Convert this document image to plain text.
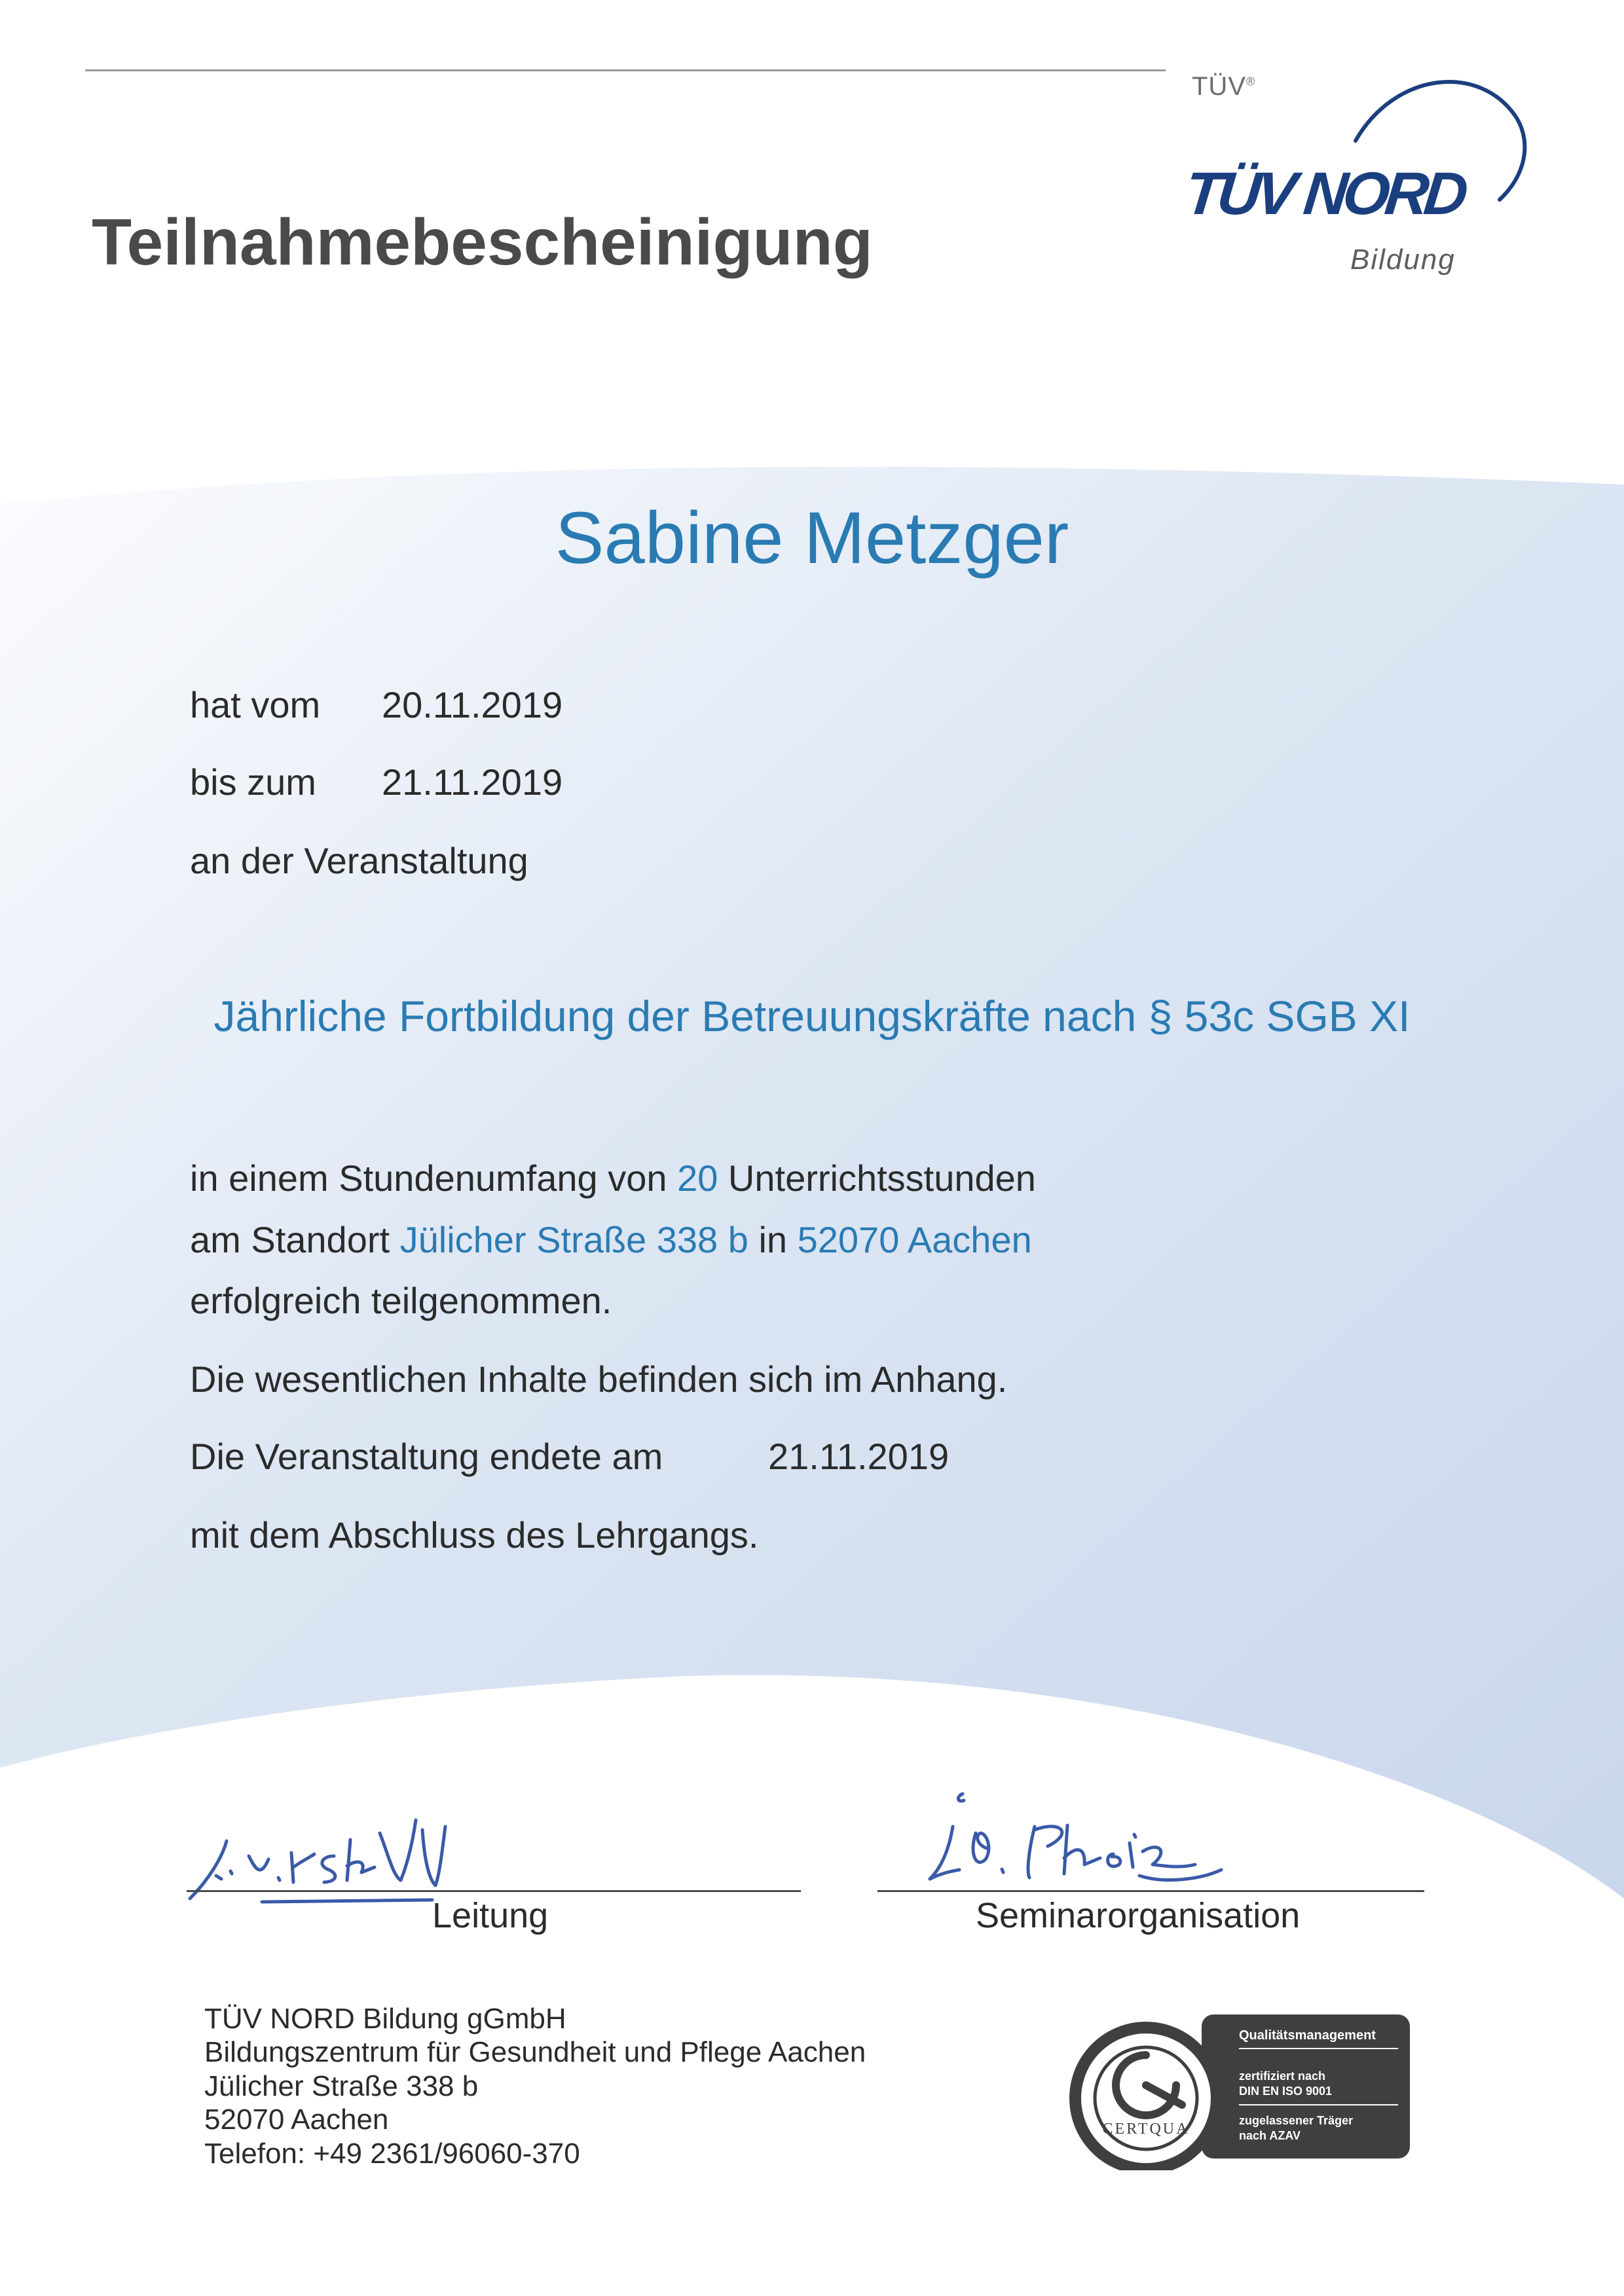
TÜV®
TÜV NORD
Bildung
Teilnahmebescheinigung
Sabine Metzger
hat vom 20.11.2019
bis zum 21.11.2019
an der Veranstaltung
Jährliche Fortbildung der Betreuungskräfte nach § 53c SGB XI
in einem Stundenumfang von 20 Unterrichtsstunden
am Standort Jülicher Straße 338 b in 52070 Aachen
erfolgreich teilgenommen.
Die wesentlichen Inhalte befinden sich im Anhang.
Die Veranstaltung endete am	21.11.2019
mit dem Abschluss des Lehrgangs.
Leitung	Seminarorganisation
TÜV NORD Bildung gGmbH
Bildungszentrum für Gesundheit und Pflege Aachen
Jülicher Straße 338 b
52070 Aachen
Telefon: +49 2361/96060-370
CERTQUA
Qualitätsmanagement
zertifiziert nach
DIN EN ISO 9001
zugelassener Träger
nach AZAV
